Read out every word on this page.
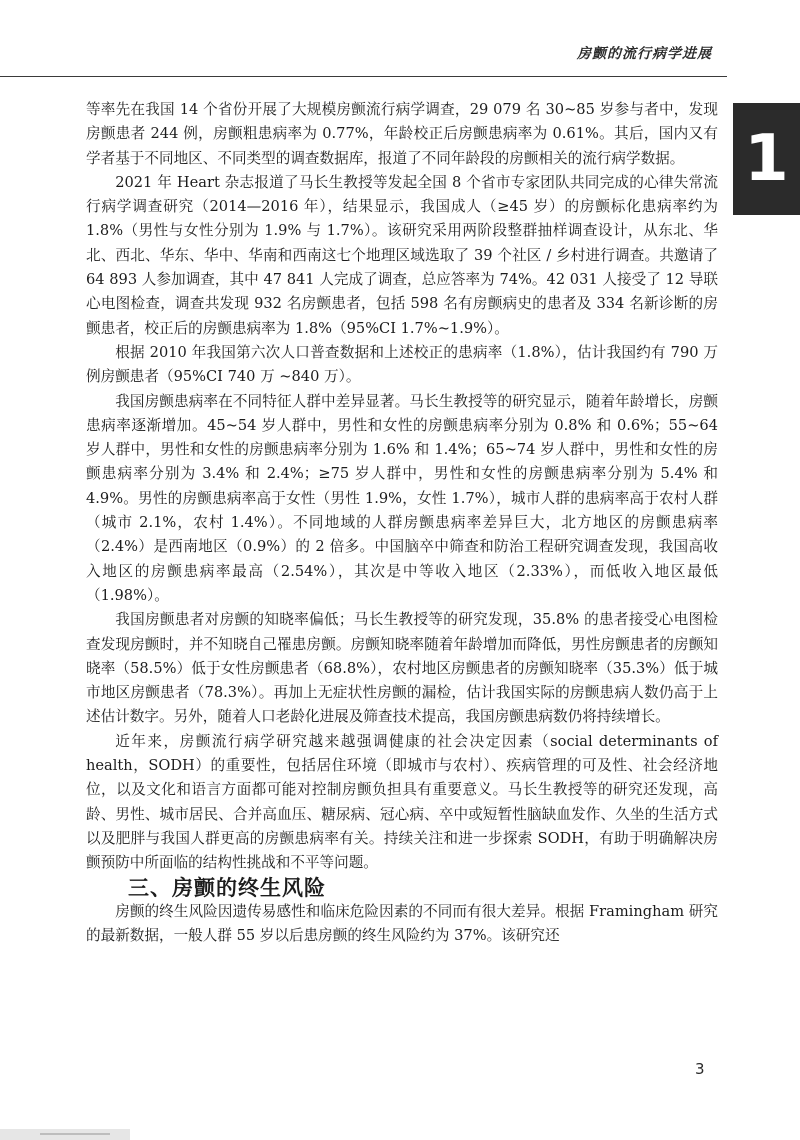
房颤的流行病学进展
1

等率先在我国 14 个省份开展了大规模房颤流行病学调查，29 079 名 30~85 岁参与者中，发现房颤患者 244 例，房颤粗患病率为 0.77%，年龄校正后房颤患病率为 0.61%。其后，国内又有学者基于不同地区、不同类型的调查数据库，报道了不同年龄段的房颤相关的流行病学数据。

2021 年 Heart 杂志报道了马长生教授等发起全国 8 个省市专家团队共同完成的心律失常流行病学调查研究（2014—2016 年），结果显示，我国成人（≥45 岁）的房颤标化患病率约为 1.8%（男性与女性分别为 1.9% 与 1.7%）。该研究采用两阶段整群抽样调查设计，从东北、华北、西北、华东、华中、华南和西南这七个地理区域选取了 39 个社区 / 乡村进行调查。共邀请了 64 893 人参加调查，其中 47 841 人完成了调查，总应答率为 74%。42 031 人接受了 12 导联心电图检查，调查共发现 932 名房颤患者，包括 598 名有房颤病史的患者及 334 名新诊断的房颤患者，校正后的房颤患病率为 1.8%（95%CI 1.7%~1.9%）。

根据 2010 年我国第六次人口普查数据和上述校正的患病率（1.8%），估计我国约有 790 万例房颤患者（95%CI 740 万 ~840 万）。

我国房颤患病率在不同特征人群中差异显著。马长生教授等的研究显示，随着年龄增长，房颤患病率逐渐增加。45~54 岁人群中，男性和女性的房颤患病率分别为 0.8% 和 0.6%；55~64 岁人群中，男性和女性的房颤患病率分别为 1.6% 和 1.4%；65~74 岁人群中，男性和女性的房颤患病率分别为 3.4% 和 2.4%；≥75 岁人群中，男性和女性的房颤患病率分别为 5.4% 和 4.9%。男性的房颤患病率高于女性（男性 1.9%，女性 1.7%），城市人群的患病率高于农村人群（城市 2.1%，农村 1.4%）。不同地域的人群房颤患病率差异巨大，北方地区的房颤患病率（2.4%）是西南地区（0.9%）的 2 倍多。中国脑卒中筛查和防治工程研究调查发现，我国高收入地区的房颤患病率最高（2.54%），其次是中等收入地区（2.33%），而低收入地区最低（1.98%）。

我国房颤患者对房颤的知晓率偏低；马长生教授等的研究发现，35.8% 的患者接受心电图检查发现房颤时，并不知晓自己罹患房颤。房颤知晓率随着年龄增加而降低，男性房颤患者的房颤知晓率（58.5%）低于女性房颤患者（68.8%），农村地区房颤患者的房颤知晓率（35.3%）低于城市地区房颤患者（78.3%）。再加上无症状性房颤的漏检，估计我国实际的房颤患病人数仍高于上述估计数字。另外，随着人口老龄化进展及筛查技术提高，我国房颤患病数仍将持续增长。

近年来，房颤流行病学研究越来越强调健康的社会决定因素（social determinants of health，SODH）的重要性，包括居住环境（即城市与农村）、疾病管理的可及性、社会经济地位，以及文化和语言方面都可能对控制房颤负担具有重要意义。马长生教授等的研究还发现，高龄、男性、城市居民、合并高血压、糖尿病、冠心病、卒中或短暂性脑缺血发作、久坐的生活方式以及肥胖与我国人群更高的房颤患病率有关。持续关注和进一步探索 SODH，有助于明确解决房颤预防中所面临的结构性挑战和不平等问题。

三、房颤的终生风险

房颤的终生风险因遗传易感性和临床危险因素的不同而有很大差异。根据 Framingham 研究的最新数据，一般人群 55 岁以后患房颤的终生风险约为 37%。该研究还

3
